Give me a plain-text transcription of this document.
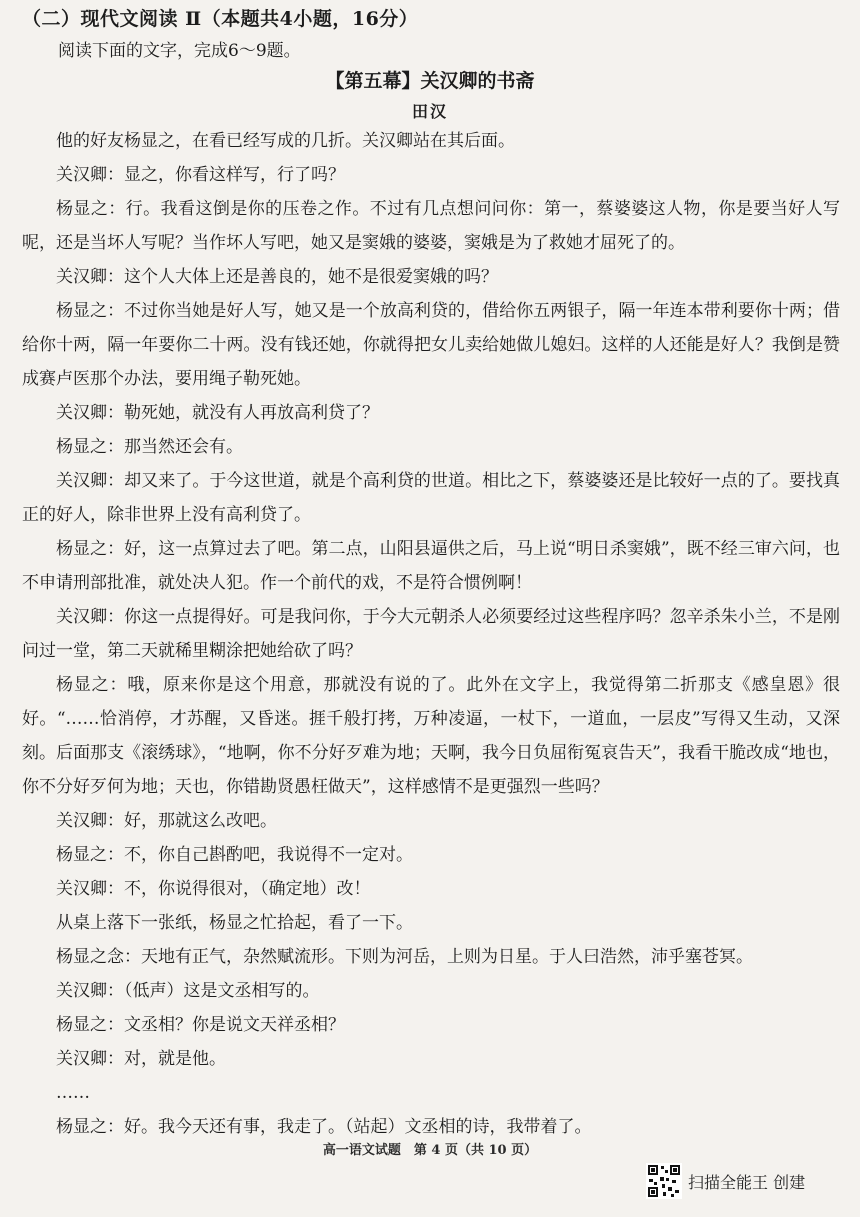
（二）现代文阅读 Ⅱ（本题共4小题，16分）
阅读下面的文字，完成6～9题。
【第五幕】关汉卿的书斋
田汉

他的好友杨显之，在看已经写成的几折。关汉卿站在其后面。

关汉卿：显之，你看这样写，行了吗？

杨显之：行。我看这倒是你的压卷之作。不过有几点想问问你：第一，蔡婆婆这人物，你是要当好人写呢，还是当坏人写呢？当作坏人写吧，她又是窦娥的婆婆，窦娥是为了救她才屈死了的。

关汉卿：这个人大体上还是善良的，她不是很爱窦娥的吗？

杨显之：不过你当她是好人写，她又是一个放高利贷的，借给你五两银子，隔一年连本带利要你十两；借给你十两，隔一年要你二十两。没有钱还她，你就得把女儿卖给她做儿媳妇。这样的人还能是好人？我倒是赞成赛卢医那个办法，要用绳子勒死她。

关汉卿：勒死她，就没有人再放高利贷了？

杨显之：那当然还会有。

关汉卿：却又来了。于今这世道，就是个高利贷的世道。相比之下，蔡婆婆还是比较好一点的了。要找真正的好人，除非世界上没有高利贷了。

杨显之：好，这一点算过去了吧。第二点，山阳县逼供之后，马上说“明日杀窦娥”，既不经三审六问，也不申请刑部批准，就处决人犯。作一个前代的戏，不是符合惯例啊！

关汉卿：你这一点提得好。可是我问你，于今大元朝杀人必须要经过这些程序吗？忽辛杀朱小兰，不是刚问过一堂，第二天就稀里糊涂把她给砍了吗？

杨显之：哦，原来你是这个用意，那就没有说的了。此外在文字上，我觉得第二折那支《感皇恩》很好。“……恰消停，才苏醒，又昏迷。捱千般打拷，万种凌逼，一杖下，一道血，一层皮”写得又生动，又深刻。后面那支《滚绣球》，“地啊，你不分好歹难为地；天啊，我今日负屈衔冤哀告天”，我看干脆改成“地也，你不分好歹何为地；天也，你错勘贤愚枉做天”，这样感情不是更强烈一些吗？

关汉卿：好，那就这么改吧。

杨显之：不，你自己斟酌吧，我说得不一定对。

关汉卿：不，你说得很对，（确定地）改！

从桌上落下一张纸，杨显之忙拾起，看了一下。

杨显之念：天地有正气，杂然赋流形。下则为河岳，上则为日星。于人曰浩然，沛乎塞苍冥。

关汉卿：（低声）这是文丞相写的。

杨显之：文丞相？你是说文天祥丞相？

关汉卿：对，就是他。

……

杨显之：好。我今天还有事，我走了。（站起）文丞相的诗，我带着了。

高一语文试题　第 4 页（共 10 页）
扫描全能王 创建
